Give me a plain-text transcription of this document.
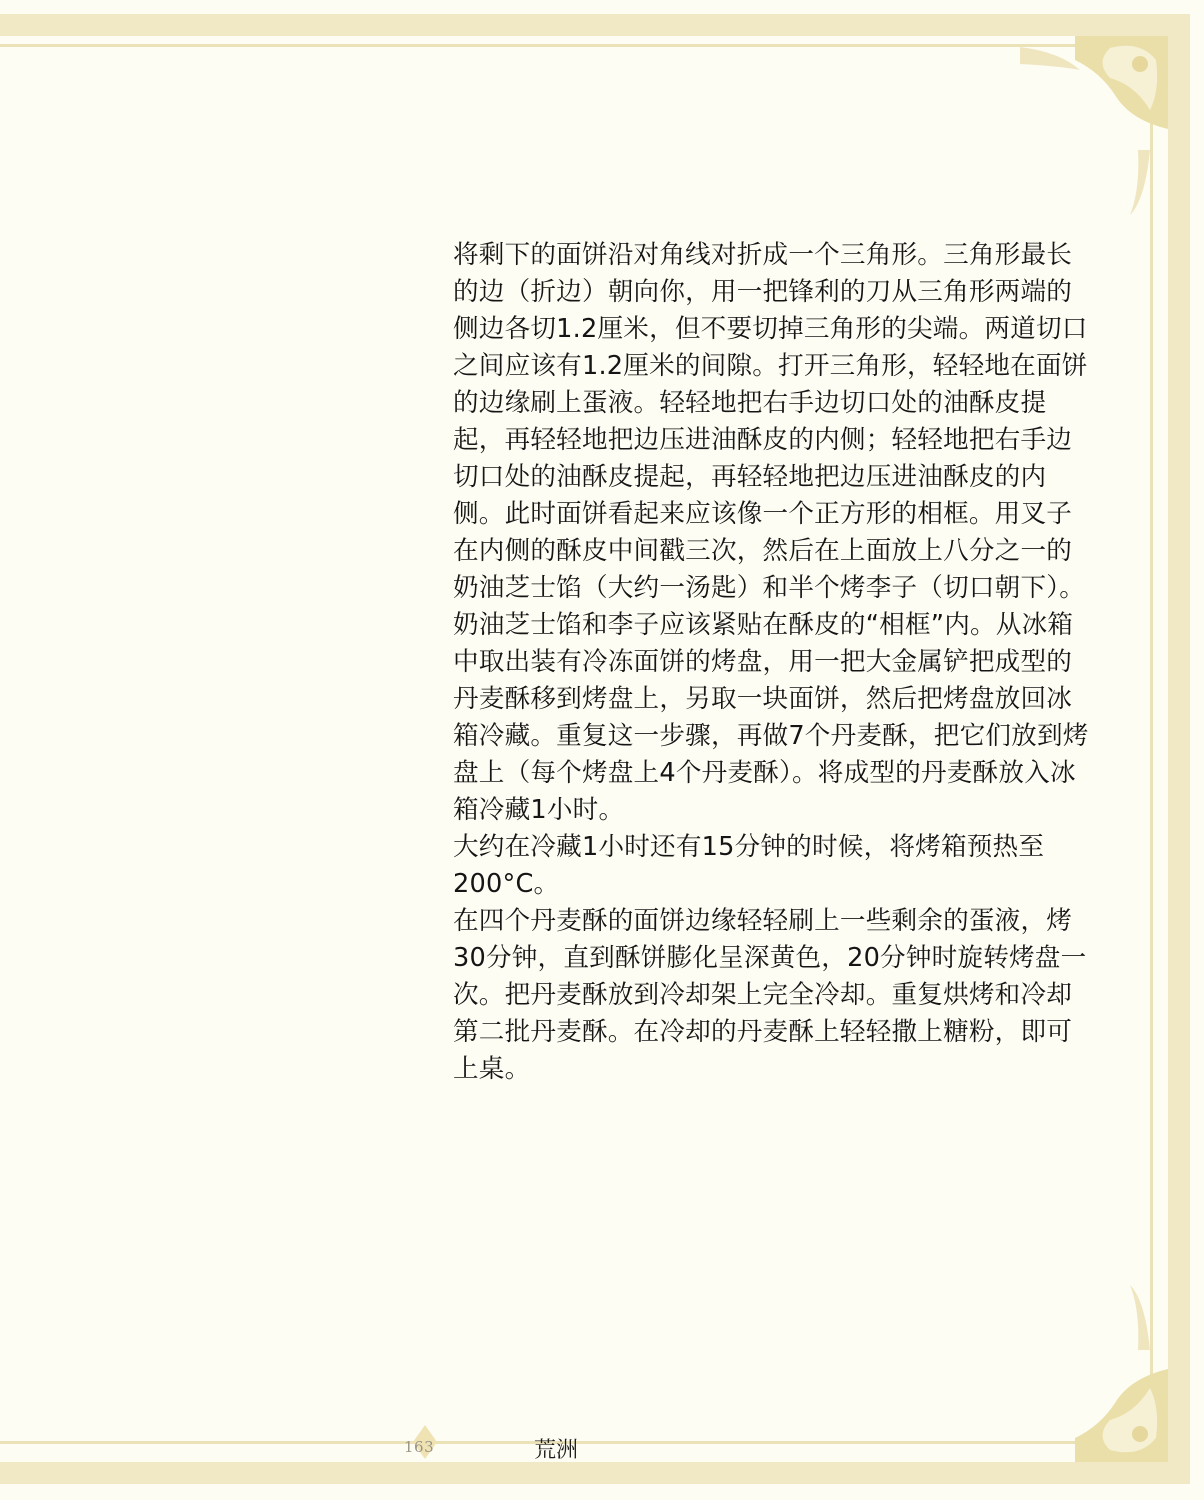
将剩下的面饼沿对角线对折成一个三角形。三角形最长的边（折边）朝向你，用一把锋利的刀从三角形两端的侧边各切1.2厘米，但不要切掉三角形的尖端。两道切口之间应该有1.2厘米的间隙。打开三角形，轻轻地在面饼的边缘刷上蛋液。轻轻地把右手边切口处的油酥皮提起，再轻轻地把边压进油酥皮的内侧；轻轻地把右手边切口处的油酥皮提起，再轻轻地把边压进油酥皮的内侧。此时面饼看起来应该像一个正方形的相框。用叉子在内侧的酥皮中间戳三次，然后在上面放上八分之一的奶油芝士馅（大约一汤匙）和半个烤李子（切口朝下）。奶油芝士馅和李子应该紧贴在酥皮的“相框”内。从冰箱中取出装有冷冻面饼的烤盘，用一把大金属铲把成型的丹麦酥移到烤盘上，另取一块面饼，然后把烤盘放回冰箱冷藏。重复这一步骤，再做7个丹麦酥，把它们放到烤盘上（每个烤盘上4个丹麦酥）。将成型的丹麦酥放入冰箱冷藏1小时。

大约在冷藏1小时还有15分钟的时候，将烤箱预热至200°C。

在四个丹麦酥的面饼边缘轻轻刷上一些剩余的蛋液，烤30分钟，直到酥饼膨化呈深黄色，20分钟时旋转烤盘一次。把丹麦酥放到冷却架上完全冷却。重复烘烤和冷却第二批丹麦酥。在冷却的丹麦酥上轻轻撒上糖粉，即可上桌。

163	荒洲
